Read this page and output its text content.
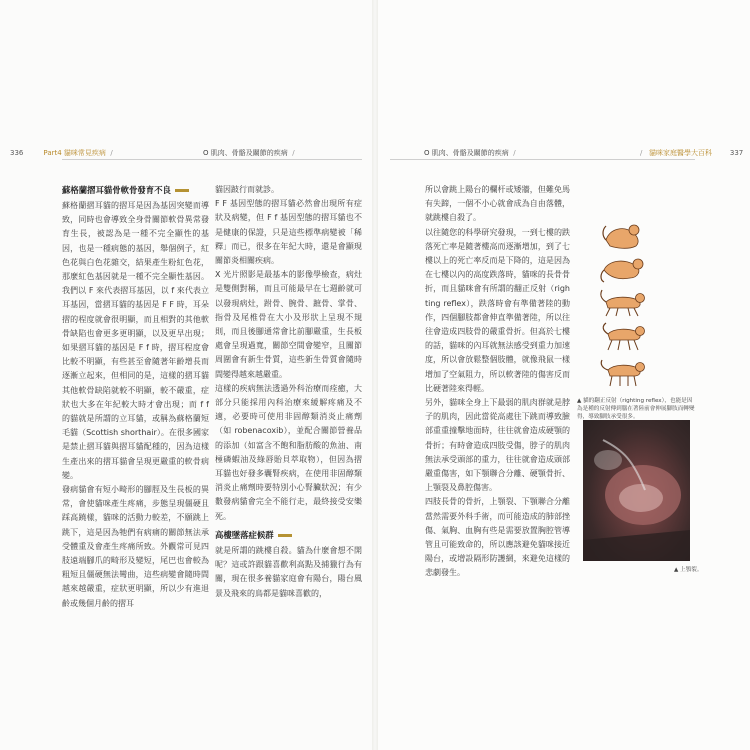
336	Part4 貓咪常見疾病  /	O 肌肉、骨骼及關節的疾病  /
蘇格蘭摺耳貓骨軟骨發育不良

蘇格蘭摺耳貓的摺耳是因為基因突變而導致，同時也會導致全身骨關節軟骨異常發育生長，被認為是一種不完全顯性的基因，也是一種病態的基因，舉個例子，紅色花與白色花雜交，結果產生粉紅色花，那麼紅色基因就是一種不完全顯性基因。我們以 F 來代表摺耳基因，以 f 來代表立耳基因，當摺耳貓的基因是 F F 時，耳朵摺的程度就會很明顯，而且相對的其他軟骨缺陷也會更多更明顯，以及更早出現；如果摺耳貓的基因是 F f 時，摺耳程度會比較不明顯，有些甚至會隨著年齡增長而逐漸立起來，但相同的是，這樣的摺耳貓其他軟骨缺陷就較不明顯，較不嚴重，症狀也大多在年紀較大時才會出現；而 f f 的貓就是所謂的立耳貓，或稱為蘇格蘭短毛貓（Scottish shorthair）。在很多國家是禁止摺耳貓與摺耳貓配種的，因為這樣生產出來的摺耳貓會呈現更嚴重的軟骨病變。

發病貓會有短小畸形的腳脛及生長板的異常，會使貓咪產生疼痛，步態呈現僵硬且踩高蹺樣，貓咪的活動力較差，不願跳上跳下，這是因為牠們有病痛的關節無法承受體重及會產生疼痛所致。外觀常可見四肢遠端腳爪的畸形及變短，尾巴也會較為粗短且僵硬無法彎曲，這些病變會隨時間越來越嚴重，症狀更明顯，所以少有進退齡或幾個月齡的摺耳

貓因跛行而就診。

F F 基因型態的摺耳貓必然會出現所有症狀及病變，但 F f 基因型態的摺耳貓也不是健康的保證，只是這些標準病變被「稀釋」而已，很多在年紀大時，還是會顯現關節炎相關疾病。

X 光片照影是最基本的影像學檢查，病灶是雙側對稱，而且可能最早在七週齡就可以發現病灶，跗骨、腕骨、蹠骨、掌骨、指骨及尾椎骨在大小及形狀上呈現不規則，而且後腳通常會比前腳嚴重，生長板處會呈現過寬，關節空間會變窄，且關節周圍會有新生骨質，這些新生骨質會隨時間變得越來越嚴重。

這樣的疾病無法透過外科治療而痊癒，大部分只能採用內科治療來緩解疼痛及不適，必要時可使用非固醇類消炎止痛劑（如 robenacoxib），並配合關節營養品的添加（如富含不飽和脂肪酸的魚油、南極磷蝦油及綠唇貽貝萃取物），但因為摺耳貓也好發多囊腎疾病，在使用非固醇類消炎止痛劑時要特別小心腎臟狀況；有少數發病貓會完全不能行走，最終接受安樂死。

高樓墜落症候群

就是所謂的跳樓自殺。貓為什麼會想不開呢？這或許跟貓喜歡利高點及捕獵行為有關，現在很多養貓家庭會有陽台，陽台風景及飛來的鳥都是貓咪喜歡的，

O 肌肉、骨骼及關節的疾病  /	/   貓咪家庭醫學大百科	337

所以會跳上陽台的欄杆或矮牆，但難免馬有失蹄，一個不小心就會成為自由落體，就跳樓自殺了。

以往隨您的科學研究發現，一到七樓的跌落死亡率是隨著樓高而逐漸增加，到了七樓以上的死亡率反而是下降的，這是因為在七樓以內的高度跌落時，貓咪的長骨骨折，而且貓咪會有所謂的翻正反射（righting reflex），跌落時會有準備著陸的動作，四個腳肢都會伸直準備著陸，所以往往會造成四肢骨的嚴重骨折。但高於七樓的話，貓咪的內耳就無法感受到重力加速度，所以會放鬆整個肢體，就像飛鼠一樣增加了空氣阻力，所以軟著陸的傷害反而比硬著陸來得輕。

另外，貓咪全身上下最弱的肌肉群就是脖子的肌肉，因此當從高處往下跳而導致臉部重重撞擊地面時，往往就會造成硬顎的骨折；有時會造成四肢受傷，脖子的肌肉無法承受頭部的重力，往往就會造成頭部嚴重傷害，如下顎聯合分離、硬顎骨折、上顎裂及鼻腔傷害。

四肢長骨的骨折，上顎裂、下顎聯合分離當然需要外科手術，而可能造成的肺部挫傷、氣胸、血胸有些是需要放置胸腔管導管且可能致命的，所以應該避免貓咪接近陽台，或增設隔形防護網，來避免這樣的悲劇發生。

▲ 貓的翻正反射（righting reflex），也能是因為是種的反射傳到腦在著陸前會伸展腳肢而轉變得，導致腳肢承受很多。
▲ 上顎裂。
